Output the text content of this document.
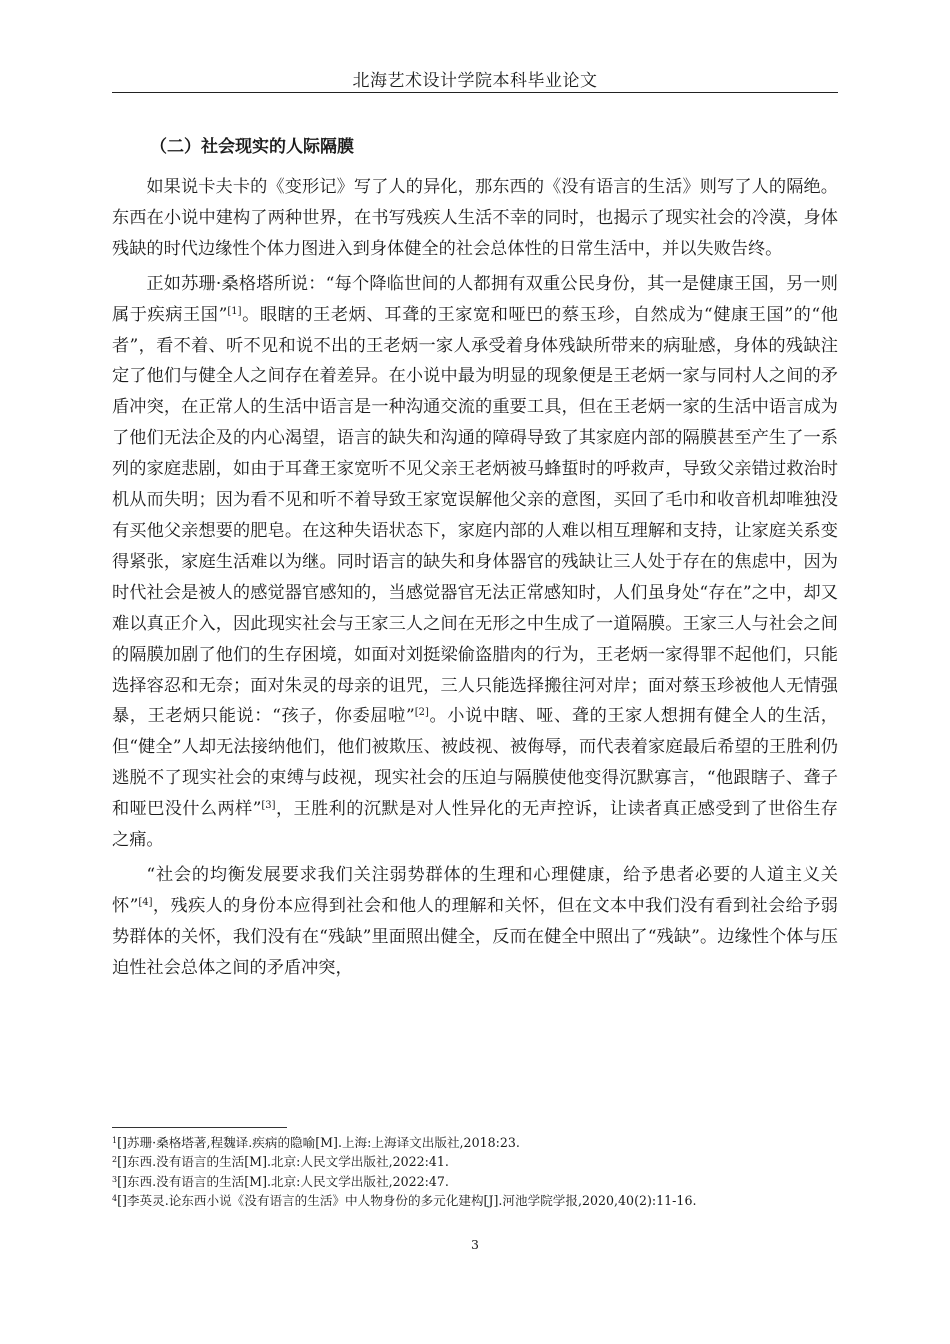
北海艺术设计学院本科毕业论文
（二）社会现实的人际隔膜

如果说卡夫卡的《变形记》写了人的异化，那东西的《没有语言的生活》则写了人的隔绝。东西在小说中建构了两种世界，在书写残疾人生活不幸的同时，也揭示了现实社会的冷漠，身体残缺的时代边缘性个体力图进入到身体健全的社会总体性的日常生活中，并以失败告终。

正如苏珊·桑格塔所说：“每个降临世间的人都拥有双重公民身份，其一是健康王国，另一则属于疾病王国”[1]。眼瞎的王老炳、耳聋的王家宽和哑巴的蔡玉珍，自然成为“健康王国”的“他者”，看不着、听不见和说不出的王老炳一家人承受着身体残缺所带来的病耻感，身体的残缺注定了他们与健全人之间存在着差异。在小说中最为明显的现象便是王老炳一家与同村人之间的矛盾冲突，在正常人的生活中语言是一种沟通交流的重要工具，但在王老炳一家的生活中语言成为了他们无法企及的内心渴望，语言的缺失和沟通的障碍导致了其家庭内部的隔膜甚至产生了一系列的家庭悲剧，如由于耳聋王家宽听不见父亲王老炳被马蜂蜇时的呼救声，导致父亲错过救治时机从而失明；因为看不见和听不着导致王家宽误解他父亲的意图，买回了毛巾和收音机却唯独没有买他父亲想要的肥皂。在这种失语状态下，家庭内部的人难以相互理解和支持，让家庭关系变得紧张，家庭生活难以为继。同时语言的缺失和身体器官的残缺让三人处于存在的焦虑中，因为时代社会是被人的感觉器官感知的，当感觉器官无法正常感知时，人们虽身处“存在”之中，却又难以真正介入，因此现实社会与王家三人之间在无形之中生成了一道隔膜。王家三人与社会之间的隔膜加剧了他们的生存困境，如面对刘挺梁偷盗腊肉的行为，王老炳一家得罪不起他们，只能选择容忍和无奈；面对朱灵的母亲的诅咒，三人只能选择搬往河对岸；面对蔡玉珍被他人无情强暴，王老炳只能说：“孩子，你委屈啦”[2]。小说中瞎、哑、聋的王家人想拥有健全人的生活，但“健全”人却无法接纳他们，他们被欺压、被歧视、被侮辱，而代表着家庭最后希望的王胜利仍逃脱不了现实社会的束缚与歧视，现实社会的压迫与隔膜使他变得沉默寡言，“他跟瞎子、聋子和哑巴没什么两样”[3]，王胜利的沉默是对人性异化的无声控诉，让读者真正感受到了世俗生存之痛。

“社会的均衡发展要求我们关注弱势群体的生理和心理健康，给予患者必要的人道主义关怀”[4]，残疾人的身份本应得到社会和他人的理解和关怀，但在文本中我们没有看到社会给予弱势群体的关怀，我们没有在“残缺”里面照出健全，反而在健全中照出了“残缺”。边缘性个体与压迫性社会总体之间的矛盾冲突，

$^1$[]苏珊·桑格塔著,程魏译.疾病的隐喻[M].上海:上海译文出版社,2018:23.
$^2$[]东西.没有语言的生活[M].北京:人民文学出版社,2022:41.
$^3$[]东西.没有语言的生活[M].北京:人民文学出版社,2022:47.
$^4$[]李英灵.论东西小说《没有语言的生活》中人物身份的多元化建构[J].河池学院学报,2020,40(2):11-16.
3
